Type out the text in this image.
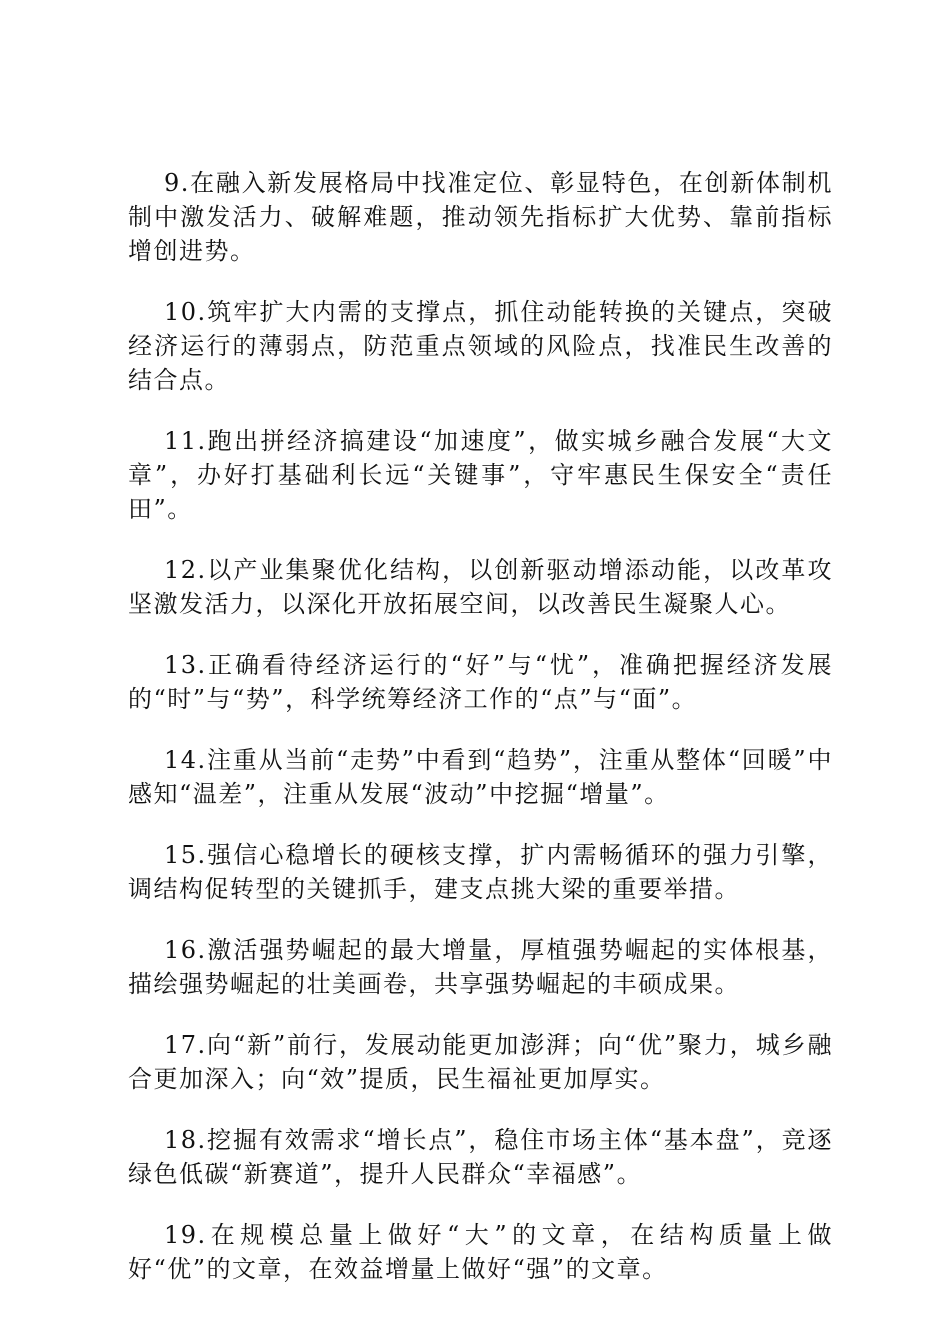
9.在融入新发展格局中找准定位、彰显特色，在创新体制机制中激发活力、破解难题，推动领先指标扩大优势、靠前指标增创进势。

10.筑牢扩大内需的支撑点，抓住动能转换的关键点，突破经济运行的薄弱点，防范重点领域的风险点，找准民生改善的结合点。

11.跑出拼经济搞建设“加速度”，做实城乡融合发展“大文章”，办好打基础利长远“关键事”，守牢惠民生保安全“责任田”。

12.以产业集聚优化结构，以创新驱动增添动能，以改革攻坚激发活力，以深化开放拓展空间，以改善民生凝聚人心。

13.正确看待经济运行的“好”与“忧”，准确把握经济发展的“时”与“势”，科学统筹经济工作的“点”与“面”。

14.注重从当前“走势”中看到“趋势”，注重从整体“回暖”中感知“温差”，注重从发展“波动”中挖掘“增量”。

15.强信心稳增长的硬核支撑，扩内需畅循环的强力引擎，调结构促转型的关键抓手，建支点挑大梁的重要举措。

16.激活强势崛起的最大增量，厚植强势崛起的实体根基，描绘强势崛起的壮美画卷，共享强势崛起的丰硕成果。

17.向“新”前行，发展动能更加澎湃；向“优”聚力，城乡融合更加深入；向“效”提质，民生福祉更加厚实。

18.挖掘有效需求“增长点”，稳住市场主体“基本盘”，竞逐绿色低碳“新赛道”，提升人民群众“幸福感”。

19.在规模总量上做好“大”的文章，在结构质量上做好“优”的文章，在效益增量上做好“强”的文章。
